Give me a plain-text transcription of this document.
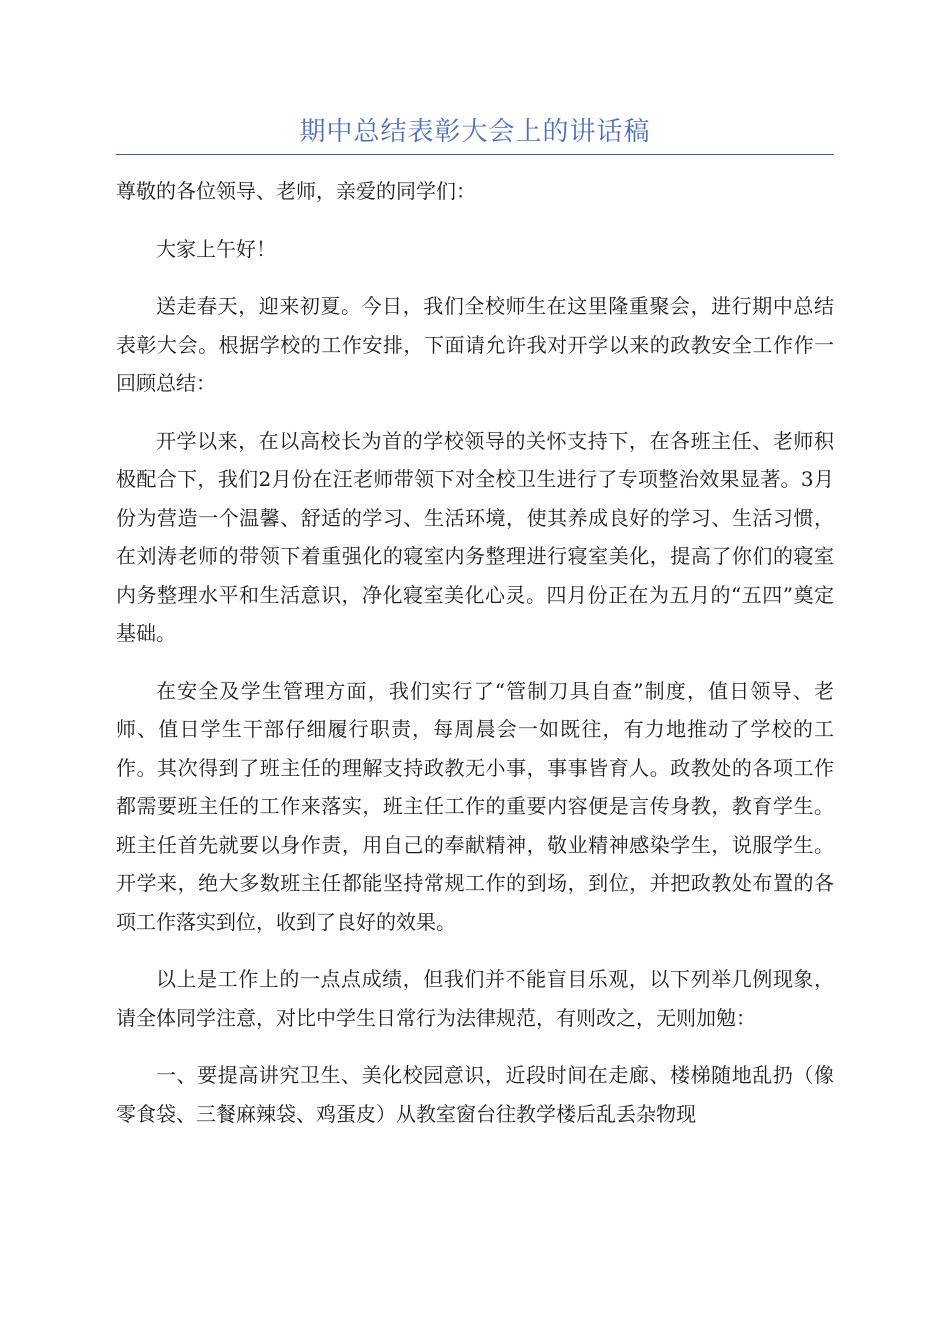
期中总结表彰大会上的讲话稿

尊敬的各位领导、老师，亲爱的同学们：

大家上午好！

送走春天，迎来初夏。今日，我们全校师生在这里隆重聚会，进行期中总结表彰大会。根据学校的工作安排，下面请允许我对开学以来的政教安全工作作一回顾总结：

开学以来，在以高校长为首的学校领导的关怀支持下，在各班主任、老师积极配合下，我们2月份在汪老师带领下对全校卫生进行了专项整治效果显著。3月份为营造一个温馨、舒适的学习、生活环境，使其养成良好的学习、生活习惯，在刘涛老师的带领下着重强化的寝室内务整理进行寝室美化，提高了你们的寝室内务整理水平和生活意识，净化寝室美化心灵。四月份正在为五月的“五四”奠定基础。

在安全及学生管理方面，我们实行了“管制刀具自查”制度，值日领导、老师、值日学生干部仔细履行职责，每周晨会一如既往，有力地推动了学校的工作。其次得到了班主任的理解支持政教无小事，事事皆育人。政教处的各项工作都需要班主任的工作来落实，班主任工作的重要内容便是言传身教，教育学生。班主任首先就要以身作责，用自己的奉献精神，敬业精神感染学生，说服学生。开学来，绝大多数班主任都能坚持常规工作的到场，到位，并把政教处布置的各项工作落实到位，收到了良好的效果。

以上是工作上的一点点成绩，但我们并不能盲目乐观，以下列举几例现象，请全体同学注意，对比中学生日常行为法律规范，有则改之，无则加勉：

一、要提高讲究卫生、美化校园意识，近段时间在走廊、楼梯随地乱扔（像零食袋、三餐麻辣袋、鸡蛋皮）从教室窗台往教学楼后乱丢杂物现
